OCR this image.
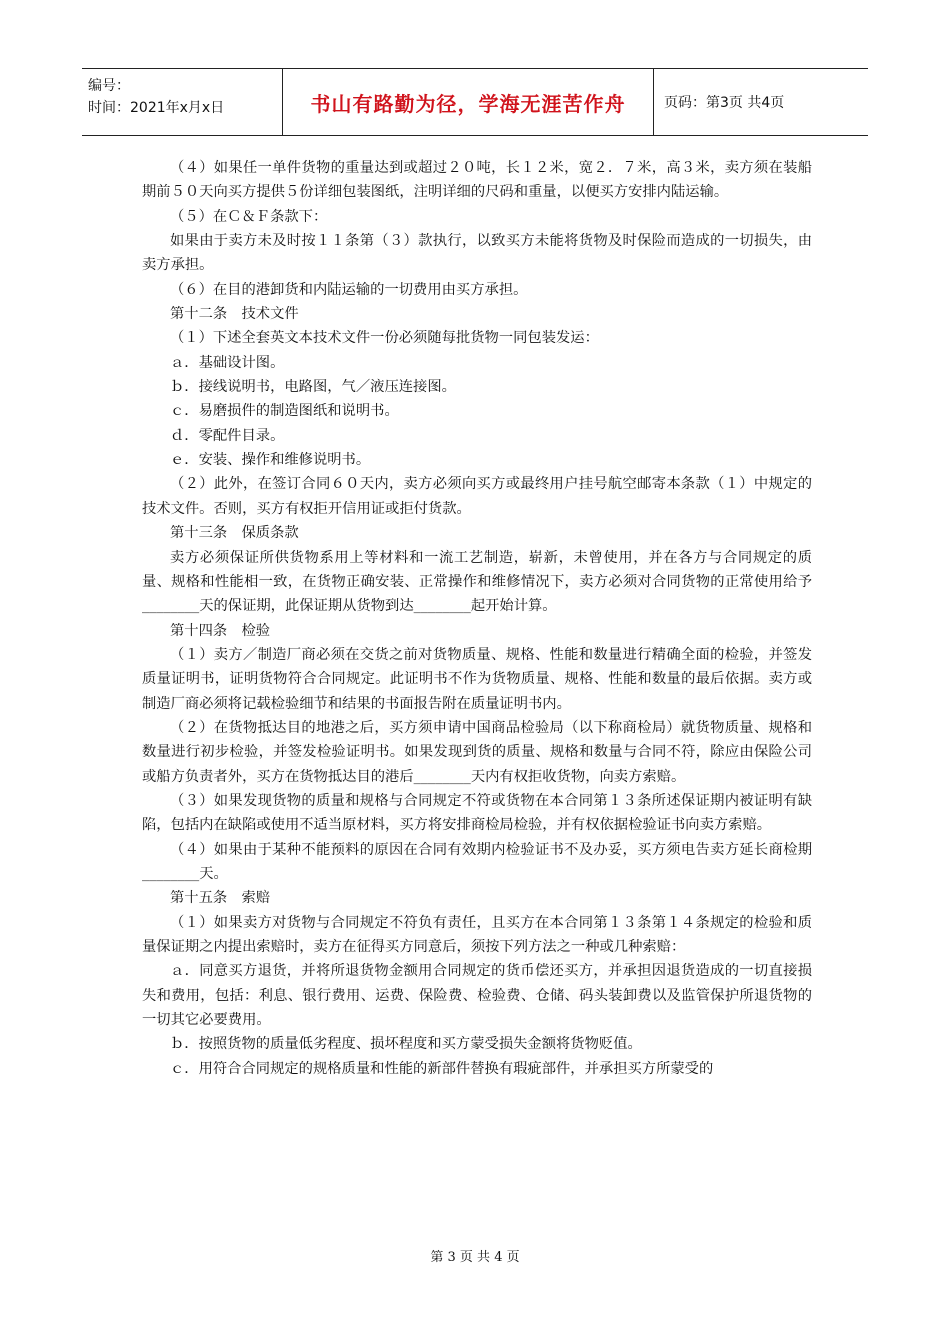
编号：
时间：2021年x月x日	书山有路勤为径，学海无涯苦作舟	页码：第3页 共4页

（４）如果任一单件货物的重量达到或超过２０吨，长１２米，宽２．７米，高３米，卖方须在装船期前５０天向买方提供５份详细包装图纸，注明详细的尺码和重量，以便买方安排内陆运输。

（５）在Ｃ＆Ｆ条款下：

如果由于卖方未及时按１１条第（３）款执行，以致买方未能将货物及时保险而造成的一切损失，由卖方承担。

（６）在目的港卸货和内陆运输的一切费用由买方承担。

第十二条　技术文件

（１）下述全套英文本技术文件一份必须随每批货物一同包装发运：

ａ．基础设计图。

ｂ．接线说明书，电路图，气／液压连接图。

ｃ．易磨损件的制造图纸和说明书。

ｄ．零配件目录。

ｅ．安装、操作和维修说明书。

（２）此外，在签订合同６０天内，卖方必须向买方或最终用户挂号航空邮寄本条款（１）中规定的技术文件。否则，买方有权拒开信用证或拒付货款。

第十三条　保质条款

卖方必须保证所供货物系用上等材料和一流工艺制造，崭新，未曾使用，并在各方与合同规定的质量、规格和性能相一致，在货物正确安装、正常操作和维修情况下，卖方必须对合同货物的正常使用给予________天的保证期，此保证期从货物到达________起开始计算。

第十四条　检验

（１）卖方／制造厂商必须在交货之前对货物质量、规格、性能和数量进行精确全面的检验，并签发质量证明书，证明货物符合合同规定。此证明书不作为货物质量、规格、性能和数量的最后依据。卖方或制造厂商必须将记载检验细节和结果的书面报告附在质量证明书内。

（２）在货物抵达目的地港之后，买方须申请中国商品检验局（以下称商检局）就货物质量、规格和数量进行初步检验，并签发检验证明书。如果发现到货的质量、规格和数量与合同不符，除应由保险公司或船方负责者外，买方在货物抵达目的港后________天内有权拒收货物，向卖方索赔。

（３）如果发现货物的质量和规格与合同规定不符或货物在本合同第１３条所述保证期内被证明有缺陷，包括内在缺陷或使用不适当原材料，买方将安排商检局检验，并有权依据检验证书向卖方索赔。

（４）如果由于某种不能预料的原因在合同有效期内检验证书不及办妥，买方须电告卖方延长商检期________天。

第十五条　索赔

（１）如果卖方对货物与合同规定不符负有责任，且买方在本合同第１３条第１４条规定的检验和质量保证期之内提出索赔时，卖方在征得买方同意后，须按下列方法之一种或几种索赔：

ａ．同意买方退货，并将所退货物金额用合同规定的货币偿还买方，并承担因退货造成的一切直接损失和费用，包括：利息、银行费用、运费、保险费、检验费、仓储、码头装卸费以及监管保护所退货物的一切其它必要费用。

ｂ．按照货物的质量低劣程度、损坏程度和买方蒙受损失金额将货物贬值。

ｃ．用符合合同规定的规格质量和性能的新部件替换有瑕疵部件，并承担买方所蒙受的

第 3 页 共 4 页
